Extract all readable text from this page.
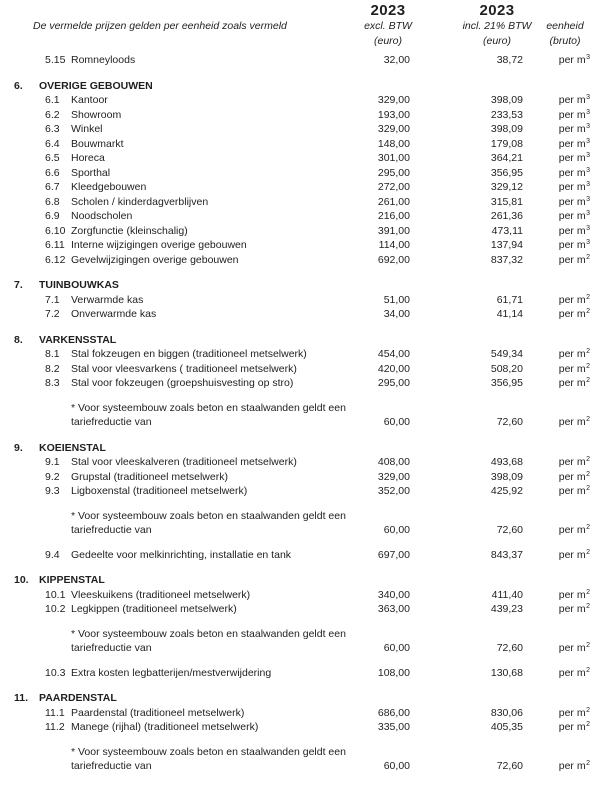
De vermelde prijzen gelden per eenheid zoals vermeld
2023
excl. BTW
(euro)
2023
incl. 21% BTW
(euro)
eenheid
(bruto)
5.15 Romneyloods	32,00	38,72	per $m^3$
6.	OVERIGE GEBOUWEN
6.1	Kantoor	329,00	398,09	per $m^3$
6.2	Showroom	193,00	233,53	per $m^3$
6.3	Winkel	329,00	398,09	per $m^3$
6.4	Bouwmarkt	148,00	179,08	per $m^3$
6.5	Horeca	301,00	364,21	per $m^3$
6.6	Sporthal	295,00	356,95	per $m^3$
6.7	Kleedgebouwen	272,00	329,12	per $m^3$
6.8	Scholen / kinderdagverblijven	261,00	315,81	per $m^3$
6.9	Noodscholen	216,00	261,36	per $m^3$
6.10 Zorgfunctie (kleinschalig)	391,00	473,11	per $m^3$
6.11 Interne wijzigingen overige gebouwen	114,00	137,94	per $m^3$
6.12 Gevelwijzigingen overige gebouwen	692,00	837,32	per $m^2$
7.	TUINBOUWKAS
7.1	Verwarmde kas	51,00	61,71	per $m^2$
7.2	Onverwarmde kas	34,00	41,14	per $m^2$
8.	VARKENSSTAL
8.1	Stal fokzeugen en biggen (traditioneel metselwerk)	454,00	549,34	per $m^2$
8.2	Stal voor vleesvarkens ( traditioneel metselwerk)	420,00	508,20	per $m^2$
8.3	Stal voor fokzeugen (groepshuisvesting op stro)	295,00	356,95	per $m^2$
* Voor systeembouw zoals beton en staalwanden geldt een
tariefreductie van	60,00	72,60	per $m^2$
9.	KOEIENSTAL
9.1	Stal voor vleeskalveren (traditioneel metselwerk)	408,00	493,68	per $m^2$
9.2	Grupstal (traditioneel metselwerk)	329,00	398,09	per $m^2$
9.3	Ligboxenstal (traditioneel metselwerk)	352,00	425,92	per $m^2$
* Voor systeembouw zoals beton en staalwanden geldt een
tariefreductie van	60,00	72,60	per $m^2$
9.4	Gedeelte voor melkinrichting, installatie en tank	697,00	843,37	per $m^2$
10. KIPPENSTAL
10.1 Vleeskuikens (traditioneel metselwerk)	340,00	411,40	per $m^2$
10.2 Legkippen (traditioneel metselwerk)	363,00	439,23	per $m^2$
* Voor systeembouw zoals beton en staalwanden geldt een
tariefreductie van	60,00	72,60	per $m^2$
10.3 Extra kosten legbatterijen/mestverwijdering	108,00	130,68	per $m^2$
11.	PAARDENSTAL
11.1 Paardenstal (traditioneel metselwerk)	686,00	830,06	per $m^2$
11.2 Manege (rijhal) (traditioneel metselwerk)	335,00	405,35	per $m^2$
* Voor systeembouw zoals beton en staalwanden geldt een
tariefreductie van	60,00	72,60	per $m^2$
